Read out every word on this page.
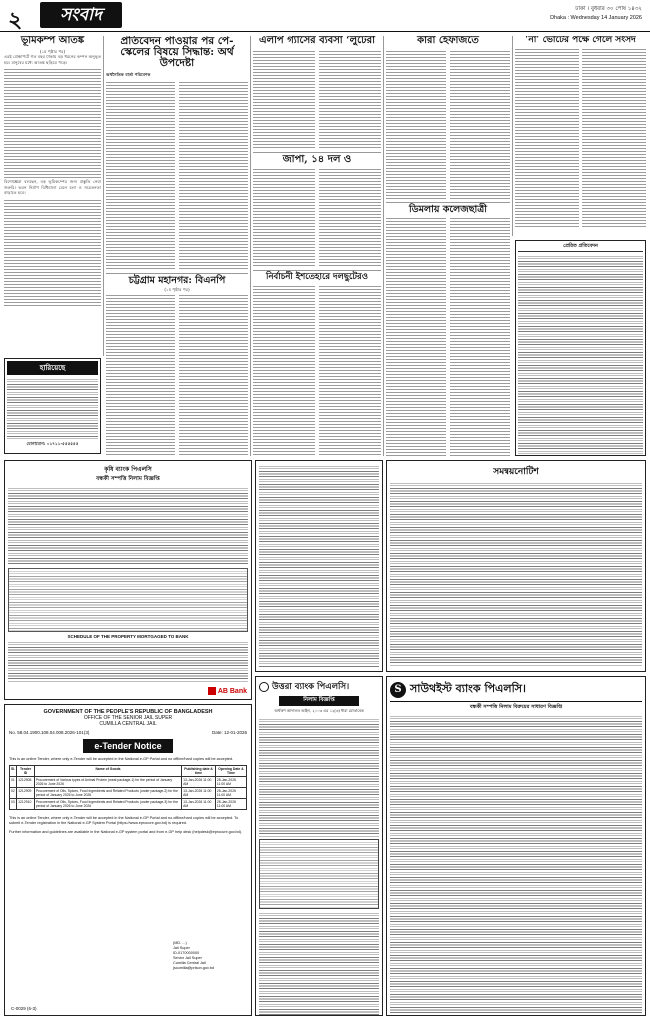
২	সংবাদ	ঢাকা । বুধবার ৩০ পৌষ ১৪৩২
Dhaka : Wednesday 14 January 2026
ভূমিকম্প আতঙ্ক
(১ম পৃষ্ঠার পর)
এরই প্রেক্ষাপটে গত বছর ঢাকায় বড় ধরনের কম্পন অনুভূত হয়। মানুষের মধ্যে আতঙ্ক ছড়িয়ে পড়ে।
বিশেষজ্ঞরা বলছেন, বড় ভূমিকম্পের জন্য প্রস্তুতি নেয়া জরুরি। ভবন নির্মাণ বিধিমালা মেনে চলা ও সচেতনতা বাড়াতে হবে।
হারিয়েছে
যোগাযোগ: ০১৭১১-৫৫৫৫৫৫
প্রতিবেদন পাওয়ার পর পে-স্কেলের বিষয়ে সিদ্ধান্ত: অর্থ উপদেষ্টা
অর্থনৈতিক বার্তা পরিবেশক
চট্টগ্রাম মহানগর: বিএনপি
(১ম পৃষ্ঠার পর)
এলপি গ্যাসের ব্যবসা ‘লুটেরা
জাপা, ১৪ দল ও
নির্বাচনী ইশতেহারে দলছুটেরও
কারা হেফাজতে
ডিমলায় কলেজছাত্রী
‘না’ ভোটের পক্ষে গেলে সংসদ
প্রেরিত প্রতিবেদন
কৃষি ব্যাংক পিএলসি
বন্ধকী সম্পত্তি নিলাম বিজ্ঞপ্তি
SCHEDULE OF THE PROPERTY MORTGAGED TO BANK
AB Bank
সমন্বয়নোটিশ
S সাউথইস্ট ব্যাংক পিএলসি।
বন্ধকী সম্পত্তি নিলাম বিক্রয়ের সাধারণ বিজ্ঞপ্তি
উত্তরা ব্যাংক পিএলসি।
নিলাম বিজ্ঞপ্তি
অর্থঋণ আদালত আইন, ২০০৩ এর ১২(৩) ধারা মোতাবেক
GOVERNMENT OF THE PEOPLE'S REPUBLIC OF BANGLADESH
OFFICE OF THE SENIOR JAIL SUPER
CUMILLA CENTRAL JAIL
No. 58.04.1900.108.04.008.2026-101(3)	Date: 12-01-2026
e-Tender Notice
This is an online Tender, where only e-Tender will be accepted in the National e-GP Portal and no offline/hard copies will be accepted.
Sl.	Tender ID	Name of Goods	Publishing date & time	Opening Date & Time
01	1212908	Procurement of Various types of Animal Protein (meat package-1) for the period of January 2026 to June 2026	13-Jan-2026 11:00 AM	28-Jan-2026 11:00 AM
02	1212909	Procurement of Oils, Spices, Food Ingredients and Related Products (under package-2) for the period of January 2026 to June 2026	13-Jan-2026 11:00 AM	28-Jan-2026 11:00 AM
03	1212910	Procurement of Oils, Spices, Food Ingredients and Related Products (under package-3) for the period of January 2026 to June 2026	13-Jan-2026 11:00 AM	28-Jan-2026 11:00 AM
This is an online Tender, where only e-Tender will be accepted in the National e-GP Portal and no offline/hard copies will be accepted. To submit e-Tender registration in the National e-GP System Portal (https://www.eprocure.gov.bd) is required.
Further information and guidelines are available in the National e-GP system portal and from e-GP help desk (helpdesk@eprocure.gov.bd).
(MD. ...)
Jail Super
ID-0170000000
Senior Jail Super
Cumilla Central Jail
jscumilla@prison.gov.bd
C-0029 (6-3)
